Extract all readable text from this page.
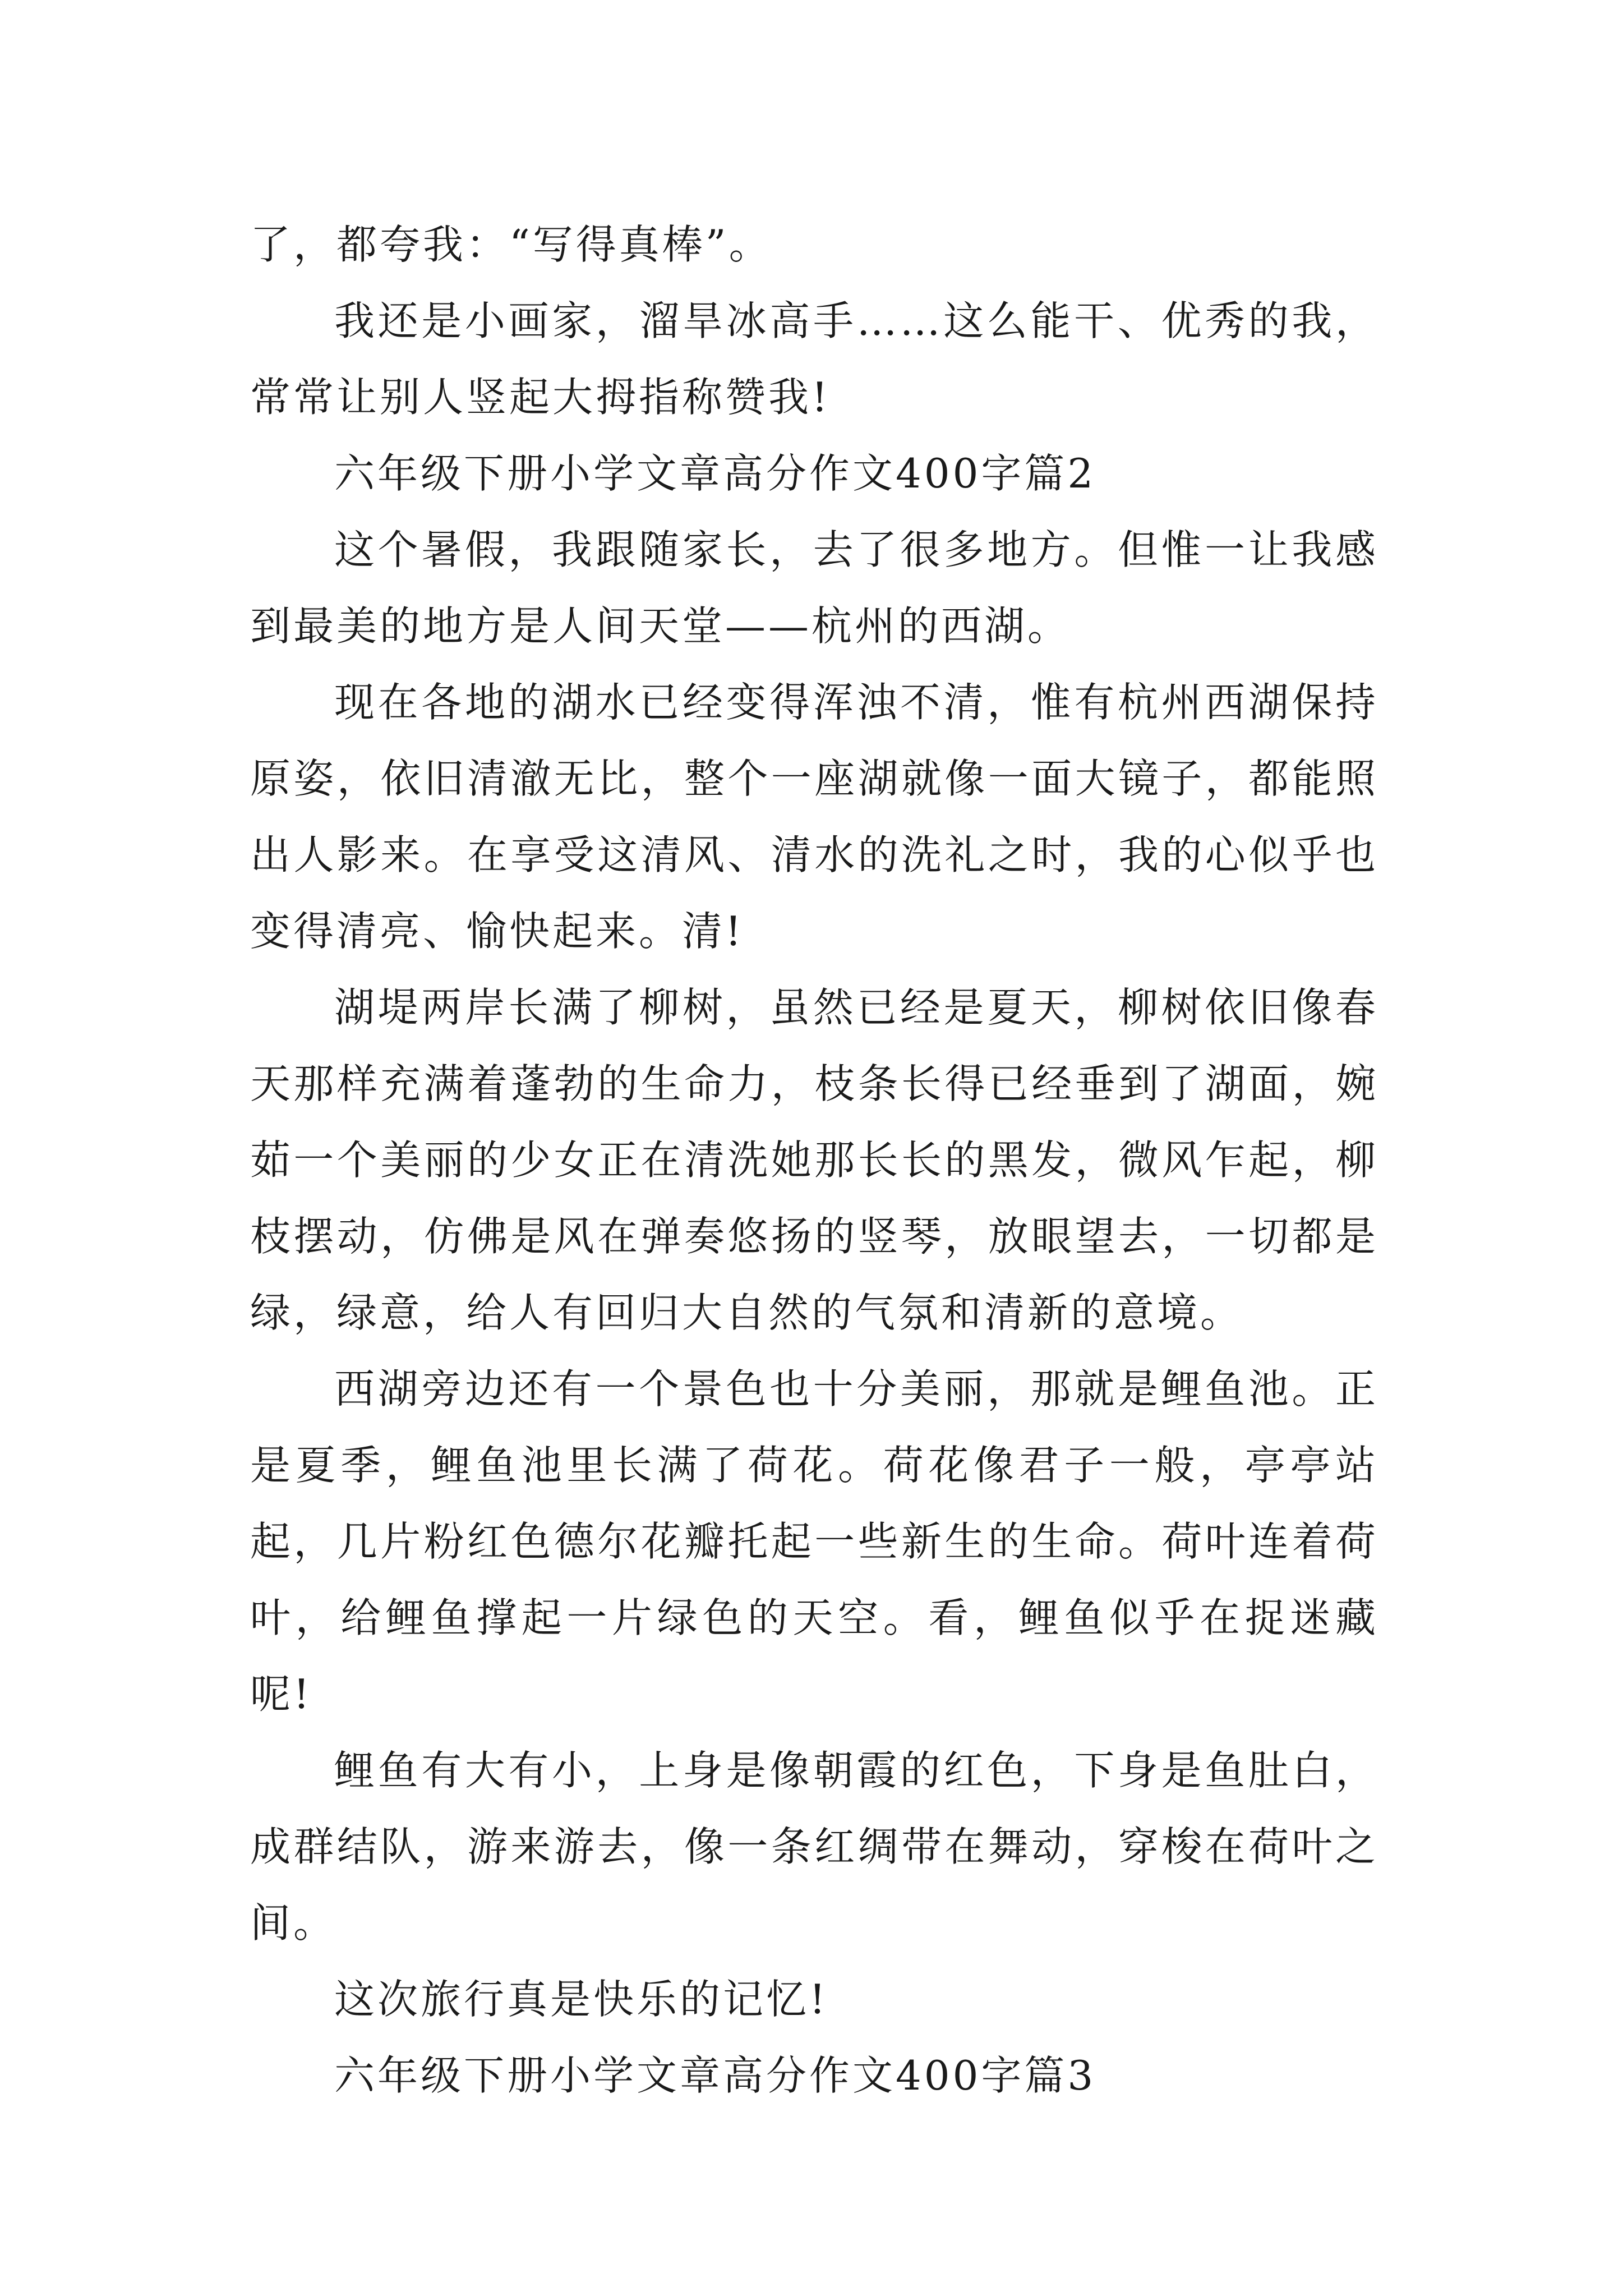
了，都夸我：“写得真棒”。

我还是小画家，溜旱冰高手……这么能干、优秀的我，常常让别人竖起大拇指称赞我!

六年级下册小学文章高分作文400字篇2

这个暑假，我跟随家长，去了很多地方。但惟一让我感到最美的地方是人间天堂——杭州的西湖。

现在各地的湖水已经变得浑浊不清，惟有杭州西湖保持原姿，依旧清澈无比，整个一座湖就像一面大镜子，都能照出人影来。在享受这清风、清水的洗礼之时，我的心似乎也变得清亮、愉快起来。清!

湖堤两岸长满了柳树，虽然已经是夏天，柳树依旧像春天那样充满着蓬勃的生命力，枝条长得已经垂到了湖面，婉茹一个美丽的少女正在清洗她那长长的黑发，微风乍起，柳枝摆动，仿佛是风在弹奏悠扬的竖琴，放眼望去，一切都是绿，绿意，给人有回归大自然的气氛和清新的意境。

西湖旁边还有一个景色也十分美丽，那就是鲤鱼池。正是夏季，鲤鱼池里长满了荷花。荷花像君子一般，亭亭站起，几片粉红色德尔花瓣托起一些新生的生命。荷叶连着荷叶，给鲤鱼撑起一片绿色的天空。看，鲤鱼似乎在捉迷藏呢!

鲤鱼有大有小，上身是像朝霞的红色，下身是鱼肚白，成群结队，游来游去，像一条红绸带在舞动，穿梭在荷叶之间。

这次旅行真是快乐的记忆!

六年级下册小学文章高分作文400字篇3
